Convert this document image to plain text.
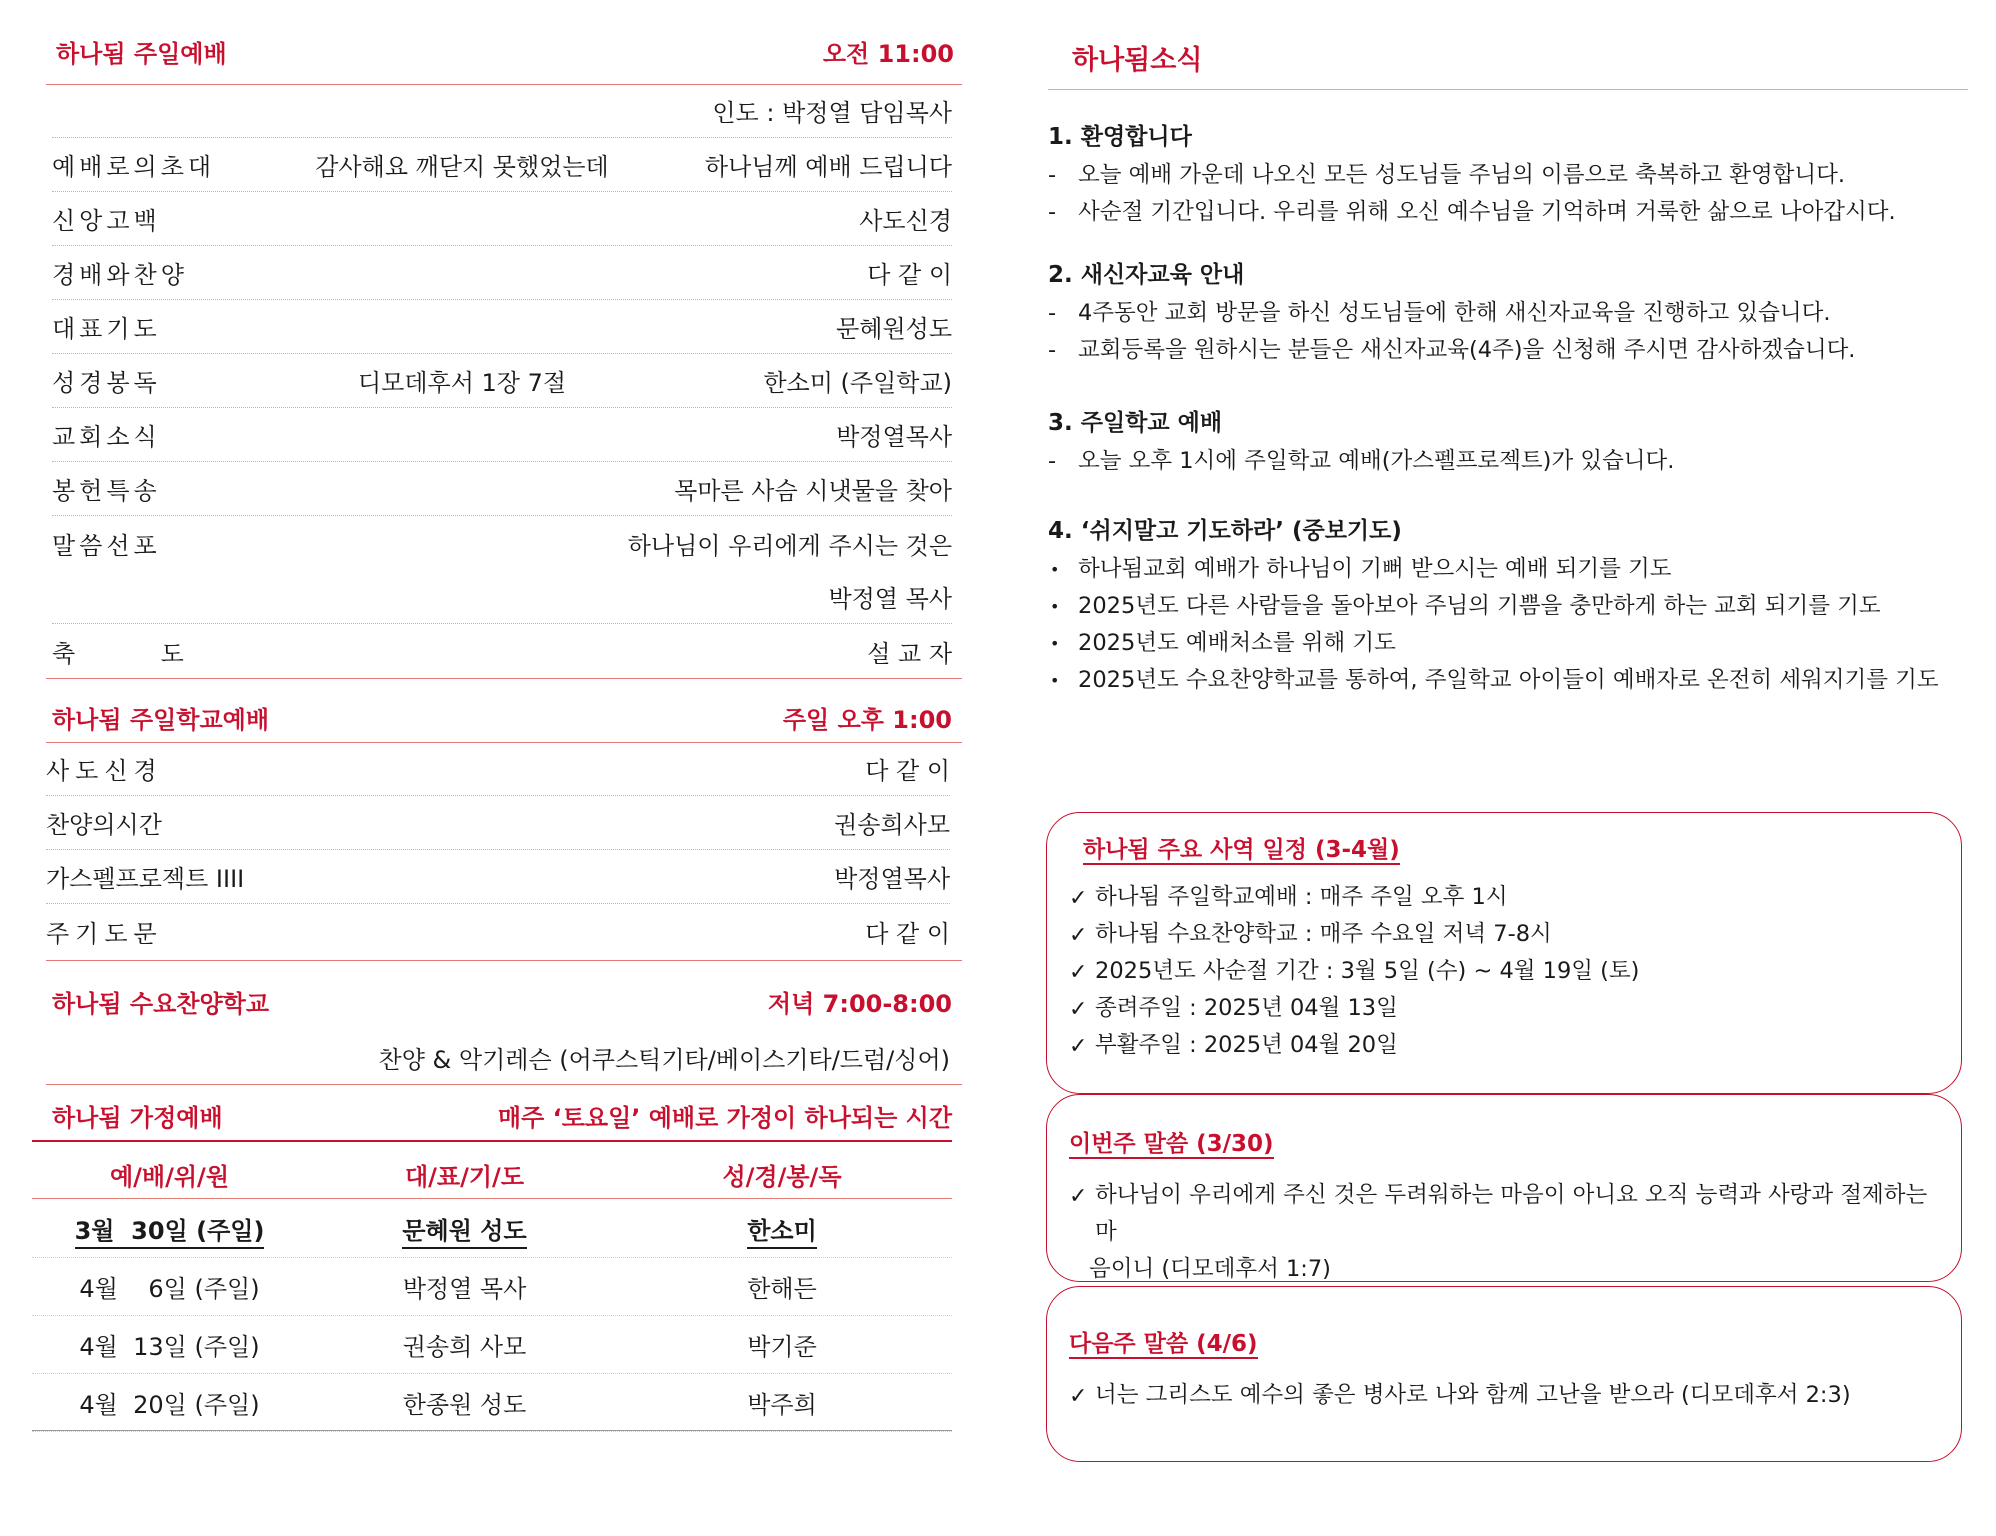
하나됨 주일예배	오전 11:00
인도 : 박정열 담임목사
예배로의초대	감사해요 깨닫지 못했었는데	하나님께 예배 드립니다
신앙고백	사도신경
경배와찬양	다 같 이
대표기도	문혜원성도
성경봉독	디모데후서 1장 7절	한소미 (주일학교)
교회소식	박정열목사
봉헌특송	목마른 사슴 시냇물을 찾아
말씀선포	하나님이 우리에게 주시는 것은
박정열 목사
축       도	설 교 자
하나됨 주일학교예배	주일 오후 1:00
사도신경	다 같 이
찬양의시간	권송희사모
가스펠프로젝트 IIII	박정열목사
주기도문	다 같 이
하나됨 수요찬양학교	저녁 7:00-8:00
찬양 & 악기레슨 (어쿠스틱기타/베이스기타/드럼/싱어)
하나됨 가정예배	매주 ‘토요일’ 예배로 가정이 하나되는 시간
예/배/위/원	대/표/기/도	성/경/봉/독
3월  30일 (주일)	문혜원 성도	한소미
4월    6일 (주일)	박정열 목사	한해든
4월  13일 (주일)	권송희 사모	박기준
4월  20일 (주일)	한종원 성도	박주희
하나됨소식
1. 환영합니다
- 오늘 예배 가운데 나오신 모든 성도님들 주님의 이름으로 축복하고 환영합니다.
- 사순절 기간입니다. 우리를 위해 오신 예수님을 기억하며 거룩한 삶으로 나아갑시다.
2. 새신자교육 안내
- 4주동안 교회 방문을 하신 성도님들에 한해 새신자교육을 진행하고 있습니다.
- 교회등록을 원하시는 분들은 새신자교육(4주)을 신청해 주시면 감사하겠습니다.
3. 주일학교 예배
- 오늘 오후 1시에 주일학교 예배(가스펠프로젝트)가 있습니다.
4. ‘쉬지말고 기도하라’ (중보기도)
• 하나됨교회 예배가 하나님이 기뻐 받으시는 예배 되기를 기도
• 2025년도 다른 사람들을 돌아보아 주님의 기쁨을 충만하게 하는 교회 되기를 기도
• 2025년도 예배처소를 위해 기도
• 2025년도 수요찬양학교를 통하여, 주일학교 아이들이 예배자로 온전히 세워지기를 기도
하나됨 주요 사역 일정 (3-4월)
✓ 하나됨 주일학교예배 : 매주 주일 오후 1시
✓ 하나됨 수요찬양학교 : 매주 수요일 저녁 7-8시
✓ 2025년도 사순절 기간 : 3월 5일 (수) ~ 4월 19일 (토)
✓ 종려주일 : 2025년 04월 13일
✓ 부활주일 : 2025년 04월 20일
이번주 말씀 (3/30)
✓ 하나님이 우리에게 주신 것은 두려워하는 마음이 아니요 오직 능력과 사랑과 절제하는 마
음이니 (디모데후서 1:7)
다음주 말씀 (4/6)
✓ 너는 그리스도 예수의 좋은 병사로 나와 함께 고난을 받으라 (디모데후서 2:3)
